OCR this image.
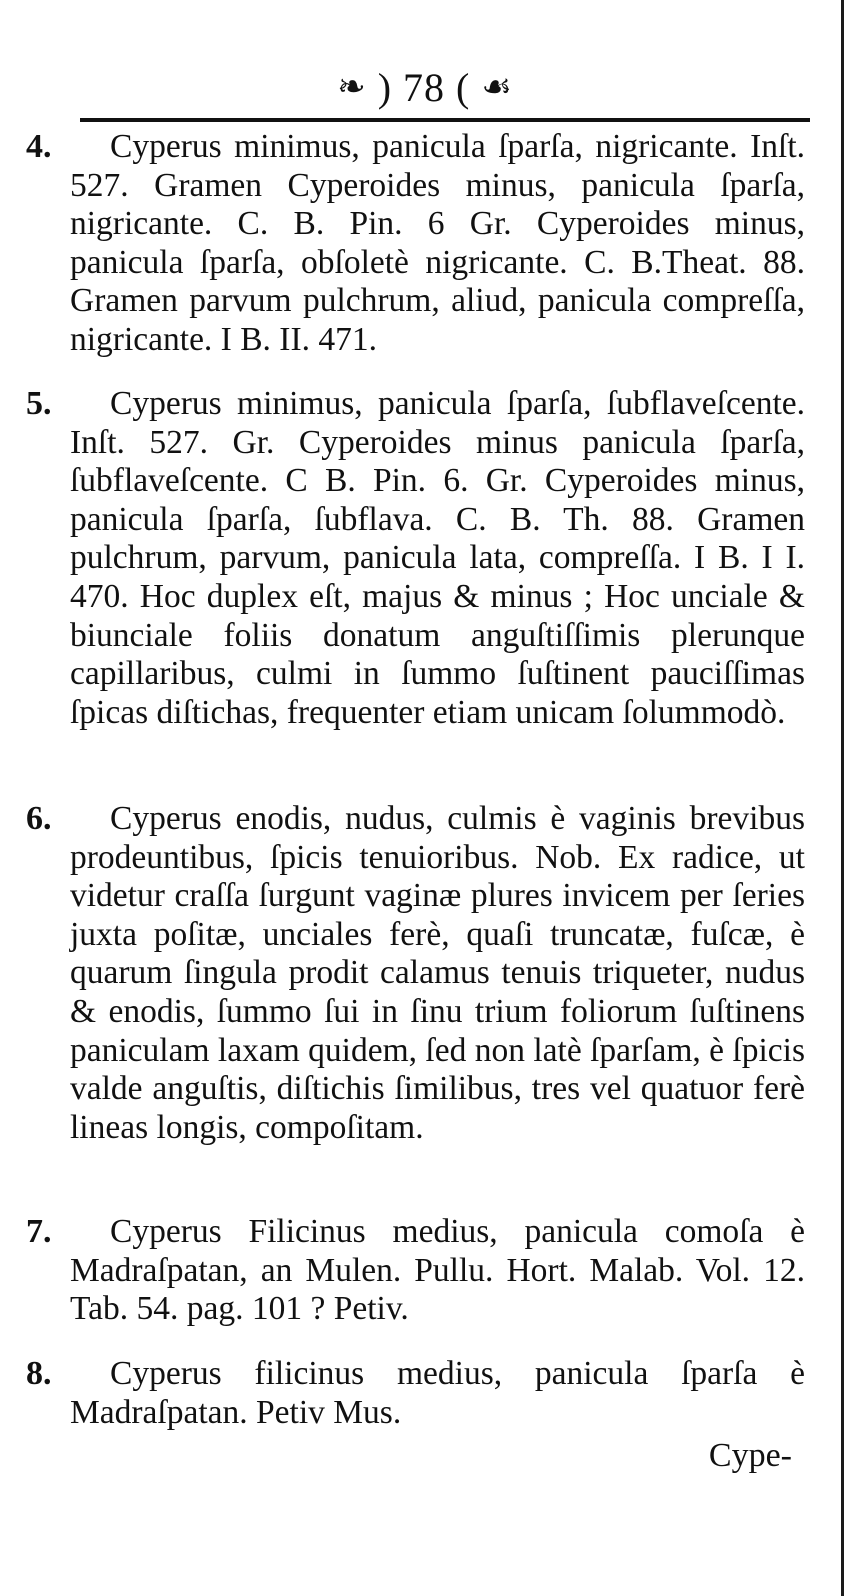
❧ ) 78 ( ☙
4.	Cyperus minimus, panicula ſparſa, nigricante. Inſt. 527. Gramen Cyperoides minus, panicula ſparſa, nigricante. C. B. Pin. 6 Gr. Cyperoides minus, panicula ſparſa, obſoletè nigricante. C. B.Theat. 88. Gramen parvum pulchrum, aliud, panicula compreſſa, nigricante. I B. II. 471.
5.	Cyperus minimus, panicula ſparſa, ſubflaveſcente. Inſt. 527. Gr. Cyperoides minus panicula ſparſa, ſubflaveſcente. C B. Pin. 6. Gr. Cyperoides minus, panicula ſparſa, ſubflava. C. B. Th. 88. Gramen pulchrum, parvum, panicula lata, compreſſa. I B. I I. 470. Hoc duplex eſt, majus & minus ; Hoc unciale & biunciale foliis donatum anguſtiſſimis plerunque capillaribus, culmi in ſummo ſuſtinent pauciſſimas ſpicas diſtichas, frequenter etiam unicam ſolummodò.
6.	Cyperus enodis, nudus, culmis è vaginis brevibus prodeuntibus, ſpicis tenuioribus. Nob. Ex radice, ut videtur craſſa ſurgunt vaginæ plures invicem per ſeries juxta poſitæ, unciales ferè, quaſi truncatæ, fuſcæ, è quarum ſingula prodit calamus tenuis triqueter, nudus & enodis, ſummo ſui in ſinu trium foliorum ſuſtinens paniculam laxam quidem, ſed non latè ſparſam, è ſpicis valde anguſtis, diſtichis ſimilibus, tres vel quatuor ferè lineas longis, compoſitam.
7.	Cyperus Filicinus medius, panicula comoſa è Madraſpatan, an Mulen. Pullu. Hort. Malab. Vol. 12. Tab. 54. pag. 101 ? Petiv.
8.	Cyperus filicinus medius, panicula ſparſa è Madraſpatan. Petiv Mus.
Cype-
